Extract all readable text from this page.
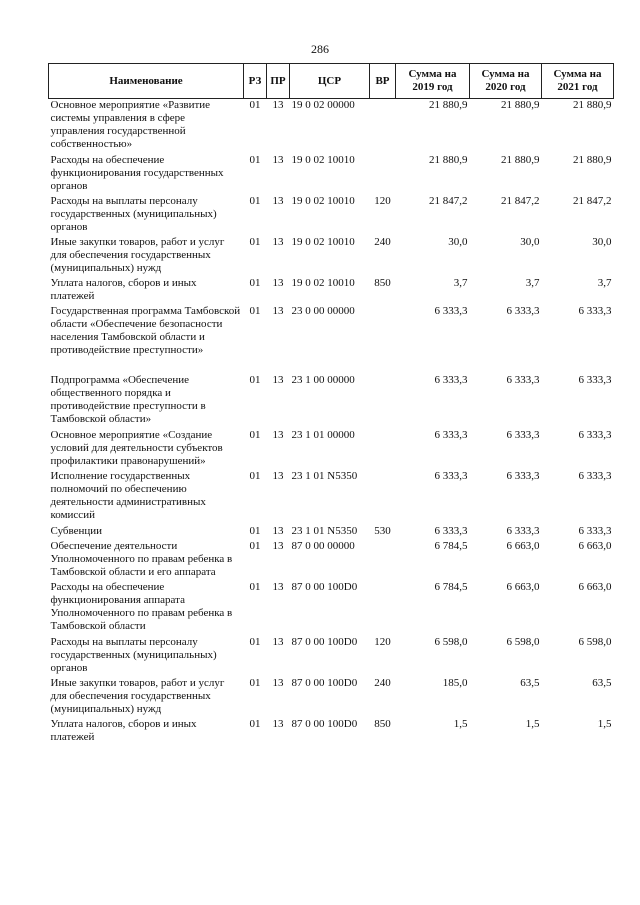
286
Наименование	РЗ	ПР	ЦСР	ВР	Сумма на 2019 год	Сумма на 2020 год	Сумма на 2021 год
Основное мероприятие «Развитие системы управления в сфере управления государственной собственностью»	01	13	19 0 02 00000		21 880,9	21 880,9	21 880,9
Расходы на обеспечение функционирования государственных органов	01	13	19 0 02 10010		21 880,9	21 880,9	21 880,9
Расходы на выплаты персоналу государственных (муниципальных) органов	01	13	19 0 02 10010	120	21 847,2	21 847,2	21 847,2
Иные закупки товаров, работ и услуг для обеспечения государственных (муниципальных) нужд	01	13	19 0 02 10010	240	30,0	30,0	30,0
Уплата налогов, сборов и иных платежей	01	13	19 0 02 10010	850	3,7	3,7	3,7
Государственная программа Тамбовской области «Обеспечение безопасности населения Тамбовской области и противодействие преступности»	01	13	23 0 00 00000		6 333,3	6 333,3	6 333,3
Подпрограмма «Обеспечение общественного порядка и противодействие преступности в Тамбовской области»	01	13	23 1 00 00000		6 333,3	6 333,3	6 333,3
Основное мероприятие «Создание условий для деятельности субъектов профилактики правонарушений»	01	13	23 1 01 00000		6 333,3	6 333,3	6 333,3
Исполнение государственных полномочий по обеспечению деятельности административных комиссий	01	13	23 1 01 N5350		6 333,3	6 333,3	6 333,3
Субвенции	01	13	23 1 01 N5350	530	6 333,3	6 333,3	6 333,3
Обеспечение деятельности Уполномоченного по правам ребенка в Тамбовской области и его аппарата	01	13	87 0 00 00000		6 784,5	6 663,0	6 663,0
Расходы на обеспечение функционирования аппарата Уполномоченного по правам ребенка в Тамбовской области	01	13	87 0 00 100D0		6 784,5	6 663,0	6 663,0
Расходы на выплаты персоналу государственных (муниципальных) органов	01	13	87 0 00 100D0	120	6 598,0	6 598,0	6 598,0
Иные закупки товаров, работ и услуг для обеспечения государственных (муниципальных) нужд	01	13	87 0 00 100D0	240	185,0	63,5	63,5
Уплата налогов, сборов и иных платежей	01	13	87 0 00 100D0	850	1,5	1,5	1,5
